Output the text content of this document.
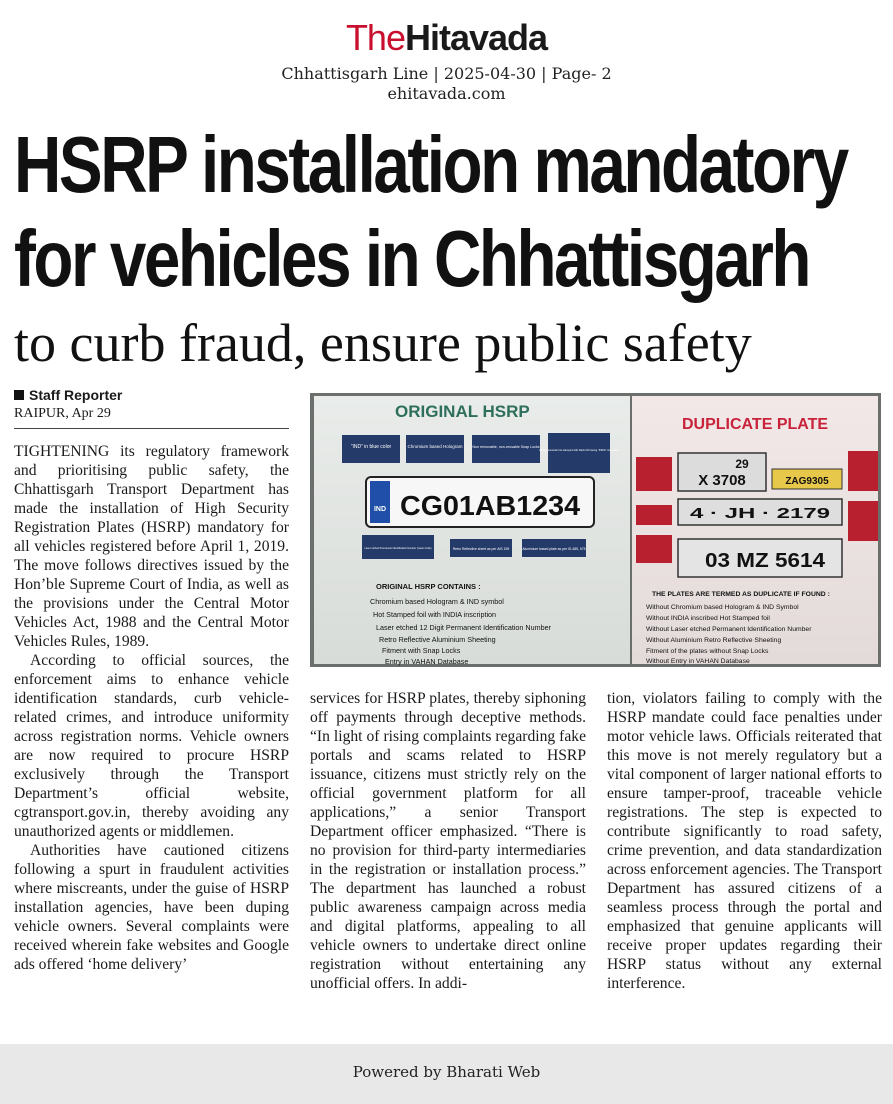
TheHitavada
Chhattisgarh Line | 2025-04-30 | Page- 2
ehitavada.com
HSRP installation mandatory
for vehicles in Chhattisgarh
to curb fraud, ensure public safety
Staff Reporter
RAIPUR, Apr 29

TIGHTENING its regulatory framework and prioritising public safety, the Chhattisgarh Transport Department has made the installation of High Security Registration Plates (HSRP) mandatory for all vehicles registered before April 1, 2019. The move follows directives issued by the Hon’ble Supreme Court of India, as well as the provisions under the Central Motor Vehicles Act, 1988 and the Central Motor Vehicles Rules, 1989.

According to official sources, the enforcement aims to enhance vehicle identification standards, curb vehicle-related crimes, and introduce uniformity across registration norms. Vehicle owners are now required to procure HSRP exclusively through the Transport Department’s official website, cgtransport.gov.in, thereby avoiding any unauthorized agents or middlemen.

Authorities have cautioned citizens following a spurt in fraudulent activities where miscreants, under the guise of HSRP installation agencies, have been duping vehicle owners. Several complaints were received wherein fake websites and Google ads offered ‘home delivery’

ORIGINAL HSRP
DUPLICATE PLATE
“IND” in blue color	Chromium based Hologram	Non removable, non-reusable Snap Locks
All the numerals hot stamped with black foil having “INDIA” inscription
IND CG01AB1234
Laser etched Permanent Identification Number (Laser Code)	Retro Reflective sheet as per AIS 159	Aluminium based plate as per IS-485, 575
ORIGINAL HSRP CONTAINS :
Chromium based Hologram & IND symbol
Hot Stamped foil with INDIA inscription
Laser etched 12 Digit Permanent Identification Number
Retro Reflective Aluminium Sheeting
Fitment with Snap Locks
Entry in VAHAN Database
29
X 3708	ZAG9305
4 · JH · 2179
03 MZ 5614
THE PLATES ARE TERMED AS DUPLICATE IF FOUND :
Without Chromium based Hologram & IND Symbol
Without INDIA inscribed Hot Stamped foil
Without Laser etched Permanent Identification Number
Without Aluminium Retro Reflective Sheeting
Fitment of the plates without Snap Locks
Without Entry in VAHAN Database

services for HSRP plates, thereby siphoning off payments through deceptive methods. “In light of rising complaints regarding fake portals and scams related to HSRP issuance, citizens must strictly rely on the official government platform for all applications,” a senior Transport Department officer emphasized. “There is no provision for third-party intermediaries in the registration or installation process.” The department has launched a robust public awareness campaign across media and digital platforms, appealing to all vehicle owners to undertake direct online registration without entertaining any unofficial offers. In addi-

tion, violators failing to comply with the HSRP mandate could face penalties under motor vehicle laws. Officials reiterated that this move is not merely regulatory but a vital component of larger national efforts to ensure tamper-proof, traceable vehicle registrations. The step is expected to contribute significantly to road safety, crime prevention, and data standardization across enforcement agencies. The Transport Department has assured citizens of a seamless process through the portal and emphasized that genuine applicants will receive proper updates regarding their HSRP status without any external interference.

Powered by Bharati Web
